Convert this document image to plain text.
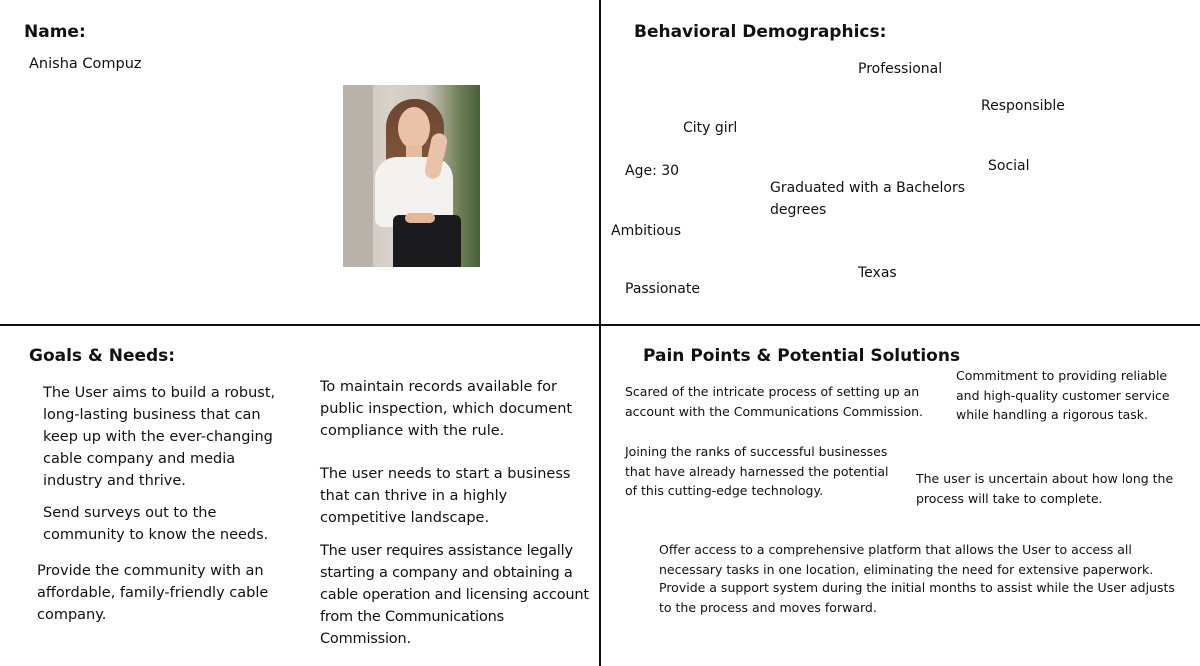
Name:
Anisha Compuz
Behavioral Demographics:
Professional
Responsible
City girl
Social
Age: 30
Graduated with a Bachelors degrees
Ambitious
Texas
Passionate
Goals & Needs:
The User aims to build a robust, long-lasting business that can keep up with the ever-changing cable company and media industry and thrive.
Send surveys out to the community to know the needs.
Provide the community with an affordable, family-friendly cable company.
To maintain records available for public inspection, which document compliance with the rule.
The user needs to start a business that can thrive in a highly competitive landscape.
The user requires assistance legally starting a company and obtaining a cable operation and licensing account from the Communications Commission.
Pain Points & Potential Solutions
Scared of the intricate process of setting up an account with the Communications Commission.
Commitment to providing reliable and high-quality customer service while handling a rigorous task.
Joining the ranks of successful businesses that have already harnessed the potential of this cutting-edge technology.
The user is uncertain about how long the process will take to complete.
Offer access to a comprehensive platform that allows the User to access all necessary tasks in one location, eliminating the need for extensive paperwork.
Provide a support system during the initial months to assist while the User adjusts to the process and moves forward.
